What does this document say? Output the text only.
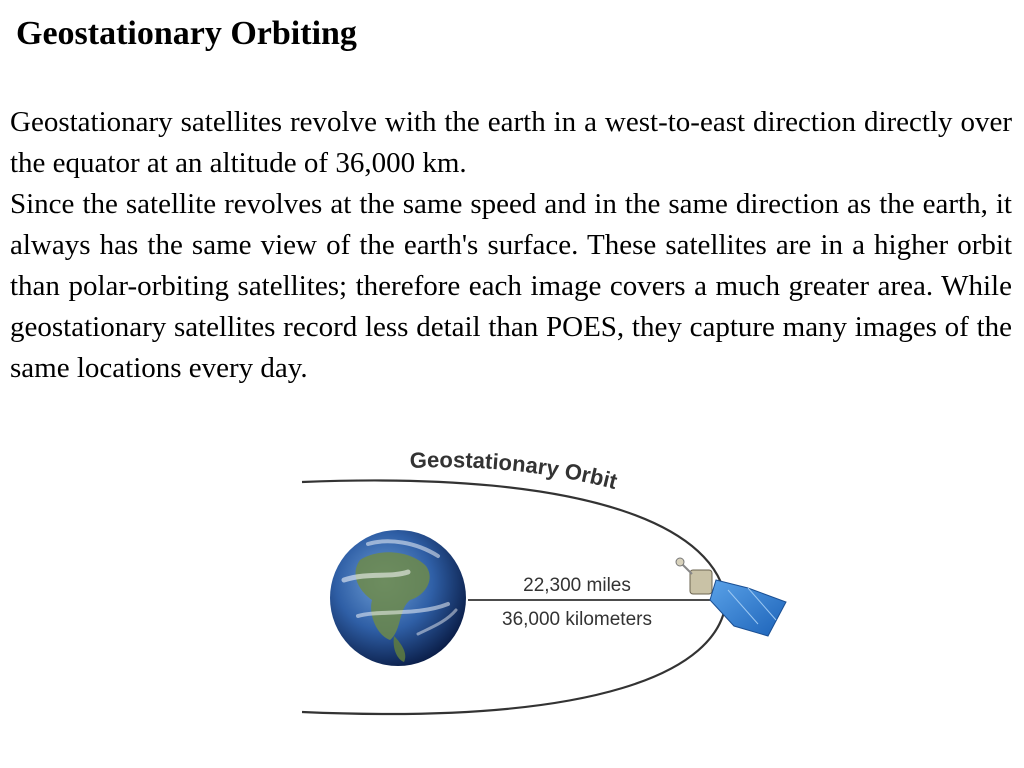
Geostationary Orbiting

Geostationary satellites revolve with the earth in a west-to-east direction directly over the equator at an altitude of 36,000 km.

Since the satellite revolves at the same speed and in the same direction as the earth, it always has the same view of the earth's surface. These satellites are in a higher orbit than polar-orbiting satellites; therefore each image covers a much greater area. While geostationary satellites record less detail than POES, they capture many images of the same locations every day.

Geostationary Orbit
22,300 miles
36,000 kilometers
